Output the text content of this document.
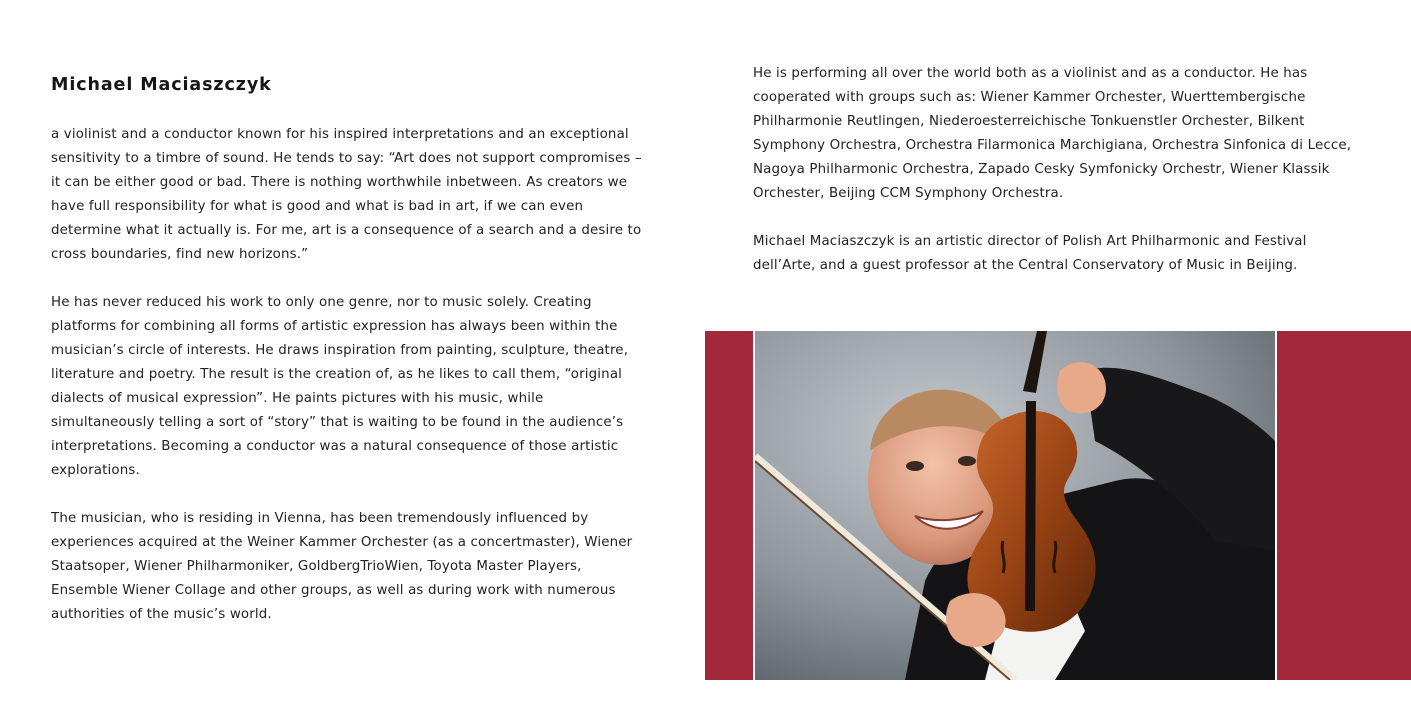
Michael Maciaszczyk

a violinist and a conductor known for his inspired interpretations and an exceptional sensitivity to a timbre of sound. He tends to say: “Art does not support compromises – it can be either good or bad. There is nothing worthwhile inbetween. As creators we have full responsibility for what is good and what is bad in art, if we can even determine what it actually is. For me, art is a consequence of a search and a desire to cross boundaries, find new horizons.”

He has never reduced his work to only one genre, nor to music solely. Creating platforms for combining all forms of artistic expression has always been within the musician’s circle of interests. He draws inspiration from painting, sculpture, theatre, literature and poetry. The result is the creation of, as he likes to call them, “original dialects of musical expression”. He paints pictures with his music, while simultaneously telling a sort of “story” that is waiting to be found in the audience’s interpretations. Becoming a conductor was a natural consequence of those artistic explorations.

The musician, who is residing in Vienna, has been tremendously influenced by experiences acquired at the Weiner Kammer Orchester (as a concertmaster), Wiener Staatsoper, Wiener Philharmoniker, GoldbergTrioWien, Toyota Master Players, Ensemble Wiener Collage and other groups, as well as during work with numerous authorities of the music’s world.

He is performing all over the world both as a violinist and as a conductor. He has cooperated with groups such as: Wiener Kammer Orchester, Wuerttembergische Philharmonie Reutlingen, Niederoesterreichische Tonkuenstler Orchester, Bilkent Symphony Orchestra, Orchestra Filarmonica Marchigiana, Orchestra Sinfonica di Lecce, Nagoya Philharmonic Orchestra, Zapado Cesky Symfonicky Orchestr, Wiener Klassik Orchester, Beijing CCM Symphony Orchestra.

Michael Maciaszczyk is an artistic director of Polish Art Philharmonic and Festival dell’Arte, and a guest professor at the Central Conservatory of Music in Beijing.
